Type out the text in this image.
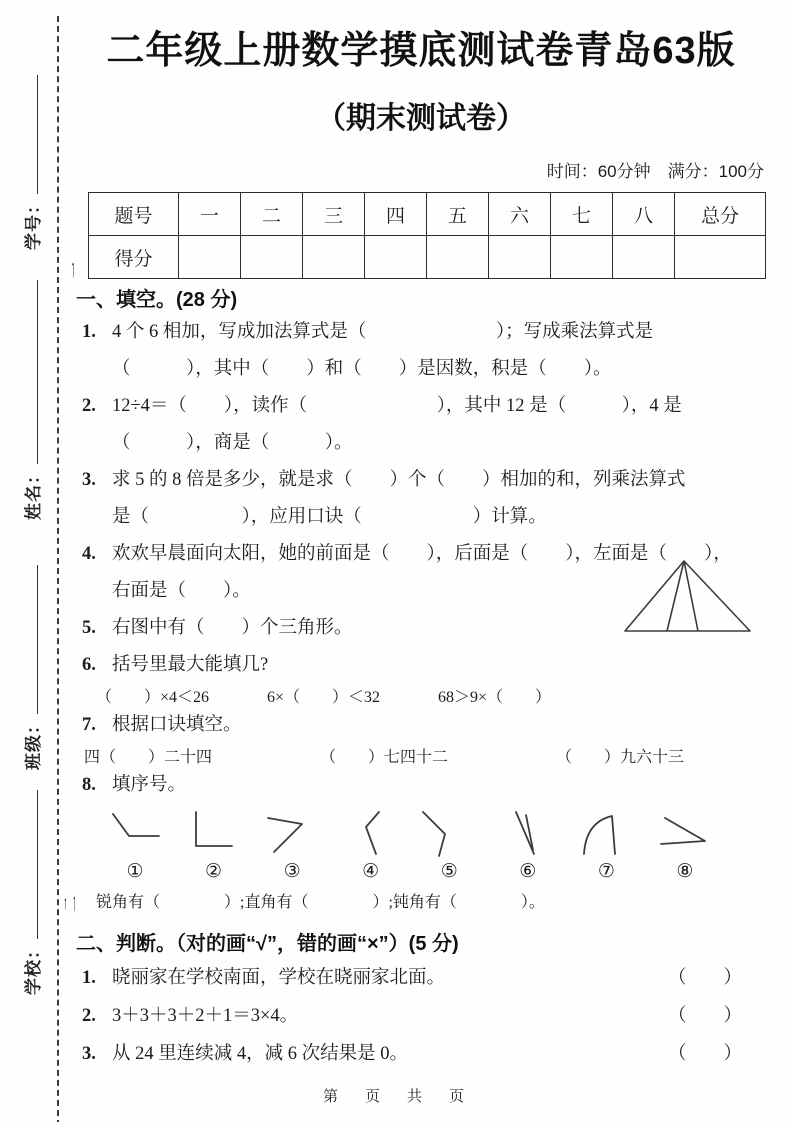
学号：
姓名：
班级：
学校：
一
二
二年级上册数学摸底测试卷青岛63版
（期末测试卷）
时间：60分钟　满分：100分
题号	一	二	三	四	五	六	七	八	总分
得分									
一、填空。(28 分)
1. 4 个 6 相加，写成加法算式是（　　　　　　　）；写成乘法算式是
（　　　），其中（　　）和（　　）是因数，积是（　　）。
2. 12÷4＝（　　），读作（　　　　　　　），其中 12 是（　　　），4 是
（　　　），商是（　　　）。
3. 求 5 的 8 倍是多少，就是求（　　）个（　　）相加的和，列乘法算式
是（　　　　　），应用口诀（　　　　　　）计算。
4. 欢欢早晨面向太阳，她的前面是（　　），后面是（　　），左面是（　　），
右面是（　　）。
5. 右图中有（　　）个三角形。
6. 括号里最大能填几?
（　　）×4＜26	6×（　　）＜32	68＞9×（　　）
7. 根据口诀填空。
四（　　）二十四	（　　）七四十二	（　　）九六十三
8. 填序号。
①	②	③	④	⑤	⑥	⑦	⑧
锐角有（　　　　）;直角有（　　　　）;钝角有（　　　　）。
二、判断。（对的画“√”，错的画“×”）(5 分)
1. 晓丽家在学校南面，学校在晓丽家北面。	（　　）
2. 3＋3＋3＋2＋1＝3×4。	（　　）
3. 从 24 里连续减 4，减 6 次结果是 0。	（　　）
第　页　共　页
